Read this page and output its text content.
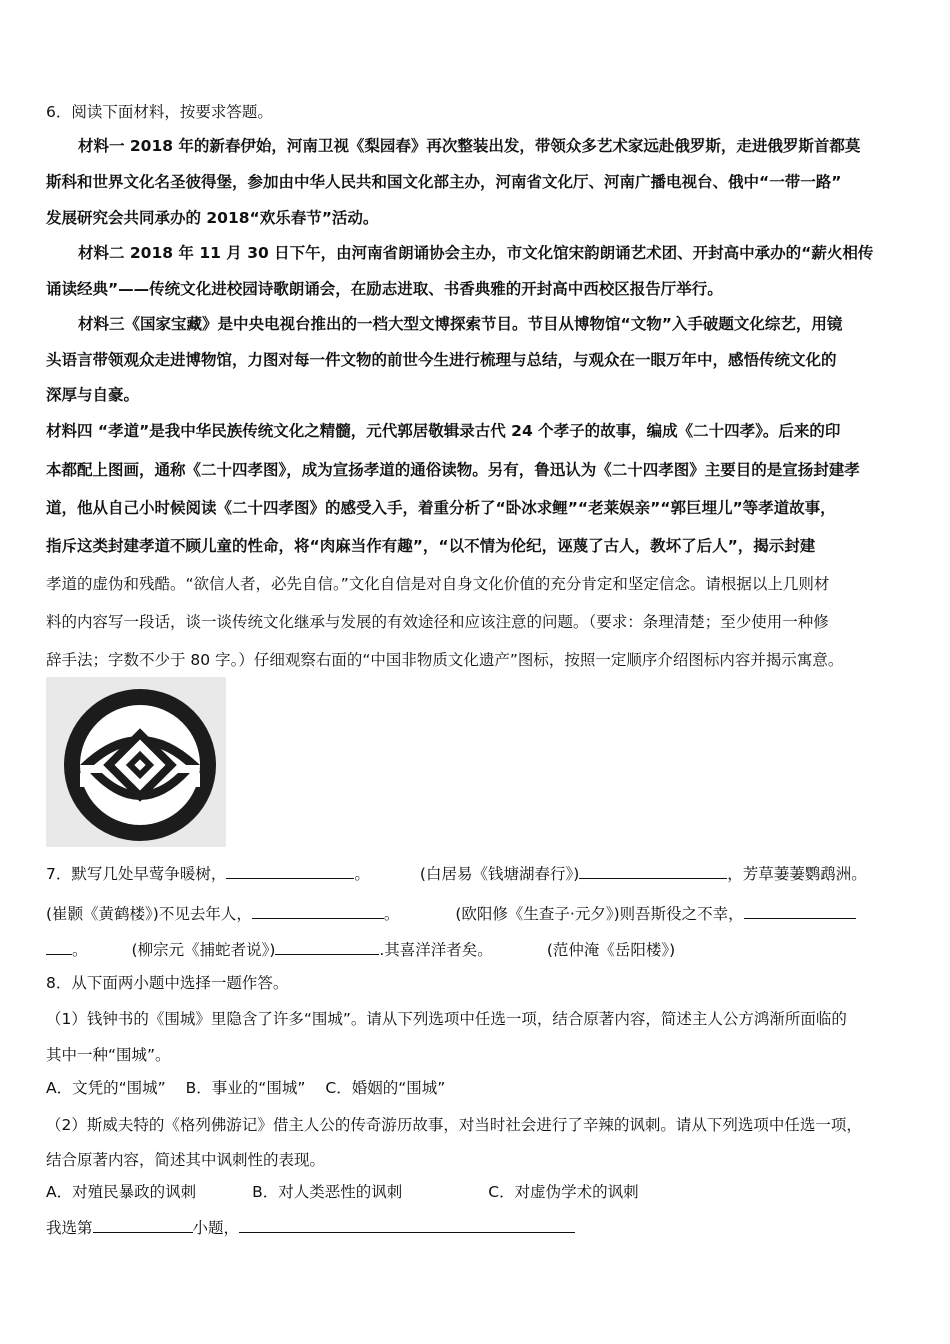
6．阅读下面材料，按要求答题。
材料一 2018 年的新春伊始，河南卫视《梨园春》再次整装出发，带领众多艺术家远赴俄罗斯，走进俄罗斯首都莫
斯科和世界文化名圣彼得堡，参加由中华人民共和国文化部主办，河南省文化厅、河南广播电视台、俄中“一带一路”
发展研究会共同承办的 2018“欢乐春节”活动。
材料二 2018 年 11 月 30 日下午，由河南省朗诵协会主办，市文化馆宋韵朗诵艺术团、开封高中承办的“薪火相传
诵读经典”——传统文化进校园诗歌朗诵会，在励志进取、书香典雅的开封高中西校区报告厅举行。
材料三《国家宝藏》是中央电视台推出的一档大型文博探索节目。节目从博物馆“文物”入手破题文化综艺，用镜
头语言带领观众走进博物馆，力图对每一件文物的前世今生进行梳理与总结，与观众在一眼万年中，感悟传统文化的
深厚与自豪。
材料四 “孝道”是我中华民族传统文化之精髓，元代郭居敬辑录古代 24 个孝子的故事，编成《二十四孝》。后来的印
本都配上图画，通称《二十四孝图》，成为宣扬孝道的通俗读物。另有，鲁迅认为《二十四孝图》主要目的是宣扬封建孝
道，他从自己小时候阅读《二十四孝图》的感受入手，着重分析了“卧冰求鲤”“老莱娱亲”“郭巨埋儿”等孝道故事，
指斥这类封建孝道不顾儿童的性命，将“肉麻当作有趣”，“以不情为伦纪，诬蔑了古人，教坏了后人”，揭示封建
孝道的虚伪和残酷。“欲信人者，必先自信。”文化自信是对自身文化价值的充分肯定和坚定信念。请根据以上几则材
料的内容写一段话，谈一谈传统文化继承与发展的有效途径和应该注意的问题。（要求：条理清楚；至少使用一种修
辞手法；字数不少于 80 字。）仔细观察右面的“中国非物质文化遗产”图标，按照一定顺序介绍图标内容并揭示寓意。
7．默写几处早莺争暖树，	。	(白居易《钱塘湖春行》)	，芳草萋萋鹦鹉洲。
(崔颢《黄鹤楼》)不见去年人，	。	(欧阳修《生查子·元夕》)则吾斯役之不幸，
。	(柳宗元《捕蛇者说》)	.其喜洋洋者矣。	(范仲淹《岳阳楼》)
8．从下面两小题中选择一题作答。
（1）钱钟书的《围城》里隐含了许多“围城”。请从下列选项中任选一项，结合原著内容，简述主人公方鸿渐所面临的
其中一种“围城”。
A．文凭的“围城” B．事业的“围城” C．婚姻的“围城”
（2）斯威夫特的《格列佛游记》借主人公的传奇游历故事，对当时社会进行了辛辣的讽刺。请从下列选项中任选一项，
结合原著内容，简述其中讽刺性的表现。
A．对殖民暴政的讽刺	B．对人类恶性的讽刺	C．对虚伪学术的讽刺
我选第	小题，
